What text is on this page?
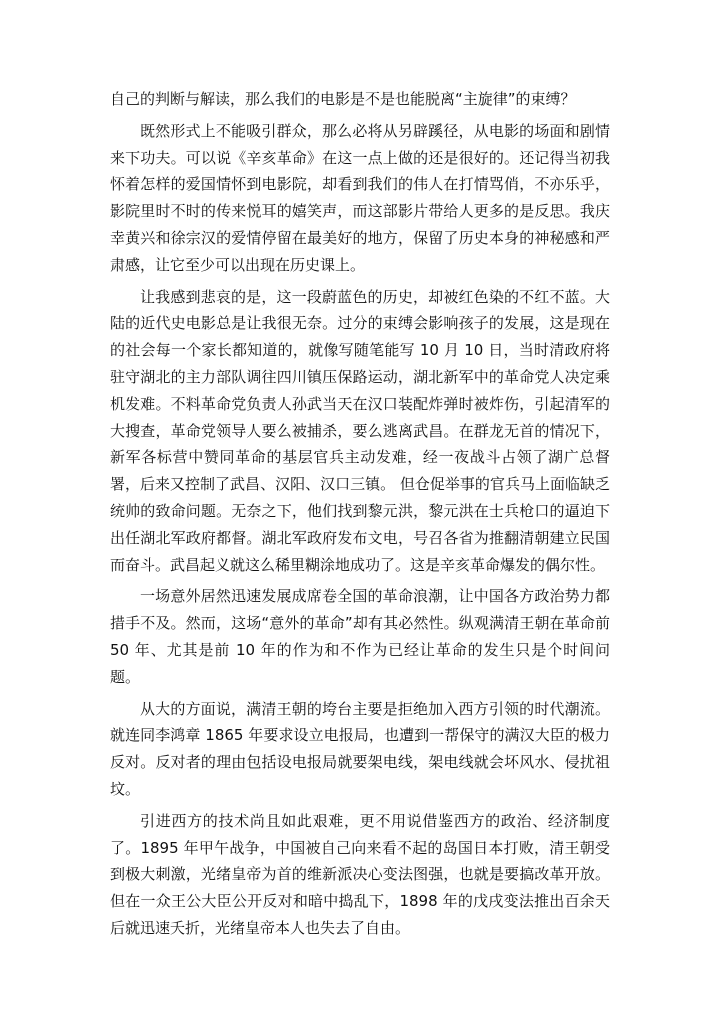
自己的判断与解读，那么我们的电影是不是也能脱离“主旋律”的束缚？

既然形式上不能吸引群众，那么必将从另辟蹊径，从电影的场面和剧情来下功夫。可以说《辛亥革命》在这一点上做的还是很好的。还记得当初我怀着怎样的爱国情怀到电影院，却看到我们的伟人在打情骂俏，不亦乐乎，影院里时不时的传来悦耳的嬉笑声，而这部影片带给人更多的是反思。我庆幸黄兴和徐宗汉的爱情停留在最美好的地方，保留了历史本身的神秘感和严肃感，让它至少可以出现在历史课上。

让我感到悲哀的是，这一段蔚蓝色的历史，却被红色染的不红不蓝。大陆的近代史电影总是让我很无奈。过分的束缚会影响孩子的发展，这是现在的社会每一个家长都知道的，就像写随笔能写 10 月 10 日，当时清政府将驻守湖北的主力部队调往四川镇压保路运动，湖北新军中的革命党人决定乘机发难。不料革命党负责人孙武当天在汉口装配炸弹时被炸伤，引起清军的大搜查，革命党领导人要么被捕杀，要么逃离武昌。在群龙无首的情况下，新军各标营中赞同革命的基层官兵主动发难，经一夜战斗占领了湖广总督署，后来又控制了武昌、汉阳、汉口三镇。 但仓促举事的官兵马上面临缺乏统帅的致命问题。无奈之下，他们找到黎元洪，黎元洪在士兵枪口的逼迫下出任湖北军政府都督。湖北军政府发布文电，号召各省为推翻清朝建立民国而奋斗。武昌起义就这么稀里糊涂地成功了。这是辛亥革命爆发的偶尔性。

一场意外居然迅速发展成席卷全国的革命浪潮，让中国各方政治势力都措手不及。然而，这场“意外的革命”却有其必然性。纵观满清王朝在革命前 50 年、尤其是前 10 年的作为和不作为已经让革命的发生只是个时间问题。

从大的方面说，满清王朝的垮台主要是拒绝加入西方引领的时代潮流。就连同李鸿章 1865 年要求设立电报局，也遭到一帮保守的满汉大臣的极力反对。反对者的理由包括设电报局就要架电线，架电线就会坏风水、侵扰祖坟。

引进西方的技术尚且如此艰难，更不用说借鉴西方的政治、经济制度了。1895 年甲午战争，中国被自己向来看不起的岛国日本打败，清王朝受到极大刺激，光绪皇帝为首的维新派决心变法图强，也就是要搞改革开放。但在一众王公大臣公开反对和暗中捣乱下，1898 年的戊戌变法推出百余天后就迅速夭折，光绪皇帝本人也失去了自由。
